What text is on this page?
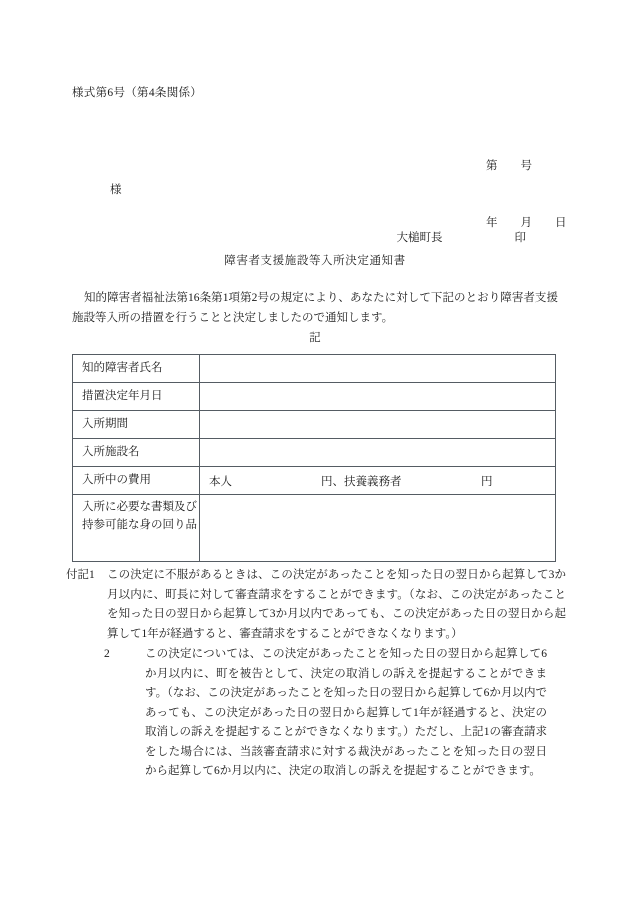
様式第6号（第4条関係）

第　　号

年　　月　　日

様

大槌町長	印

障害者支援施設等入所決定通知書
知的障害者福祉法第16条第1項第2号の規定により、あなたに対して下記のとおり障害者支援施設等入所の措置を行うことと決定しましたので通知します。
記
知的障害者氏名	
措置決定年月日	
入所期間	
入所施設名	
入所中の費用	本人 円、扶養義務者 円

入所に必要な書類及び持参可能な身の回り品	
付記1	この決定に不服があるときは、この決定があったことを知った日の翌日から起算して3か月以内に、町長に対して審査請求をすることができます。（なお、この決定があったことを知った日の翌日から起算して3か月以内であっても、この決定があった日の翌日から起算して1年が経過すると、審査請求をすることができなくなります。）
2	この決定については、この決定があったことを知った日の翌日から起算して6か月以内に、町を被告として、決定の取消しの訴えを提起することができます。（なお、この決定があったことを知った日の翌日から起算して6か月以内であっても、この決定があった日の翌日から起算して1年が経過すると、決定の取消しの訴えを提起することができなくなります。）ただし、上記1の審査請求をした場合には、当該審査請求に対する裁決があったことを知った日の翌日から起算して6か月以内に、決定の取消しの訴えを提起することができます。
